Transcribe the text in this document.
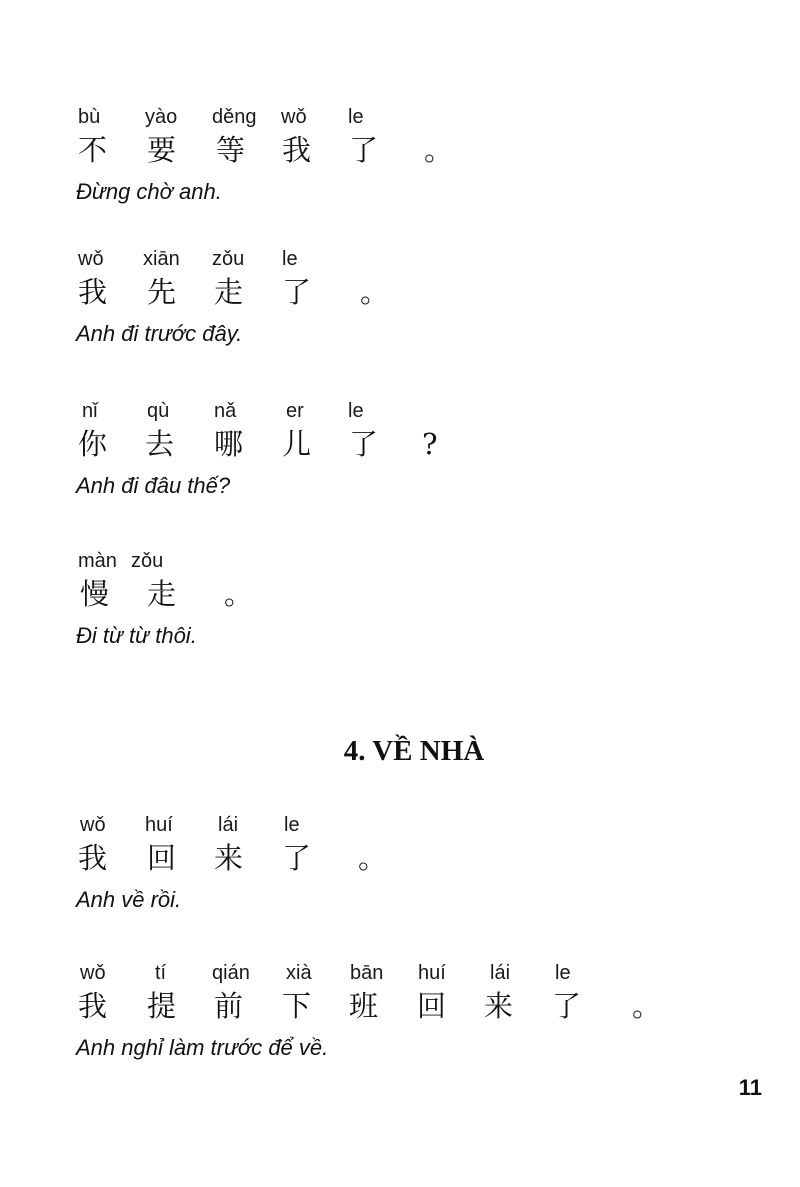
bù yào děng wǒ le
不 要 等 我 了 。
Đừng chờ anh.
wǒ xiān zǒu le
我 先 走 了 。
Anh đi trước đây.
nǐ qù nǎ er le
你 去 哪 儿 了 ?
Anh đi đâu thế?
màn zǒu
慢 走 。
Đi từ từ thôi.
4. VỀ NHÀ
wǒ huí lái le
我 回 来 了 。
Anh về rồi.
wǒ tí qián xià bān huí lái le
我 提 前 下 班 回 来 了 。
Anh nghỉ làm trước để về.
11
